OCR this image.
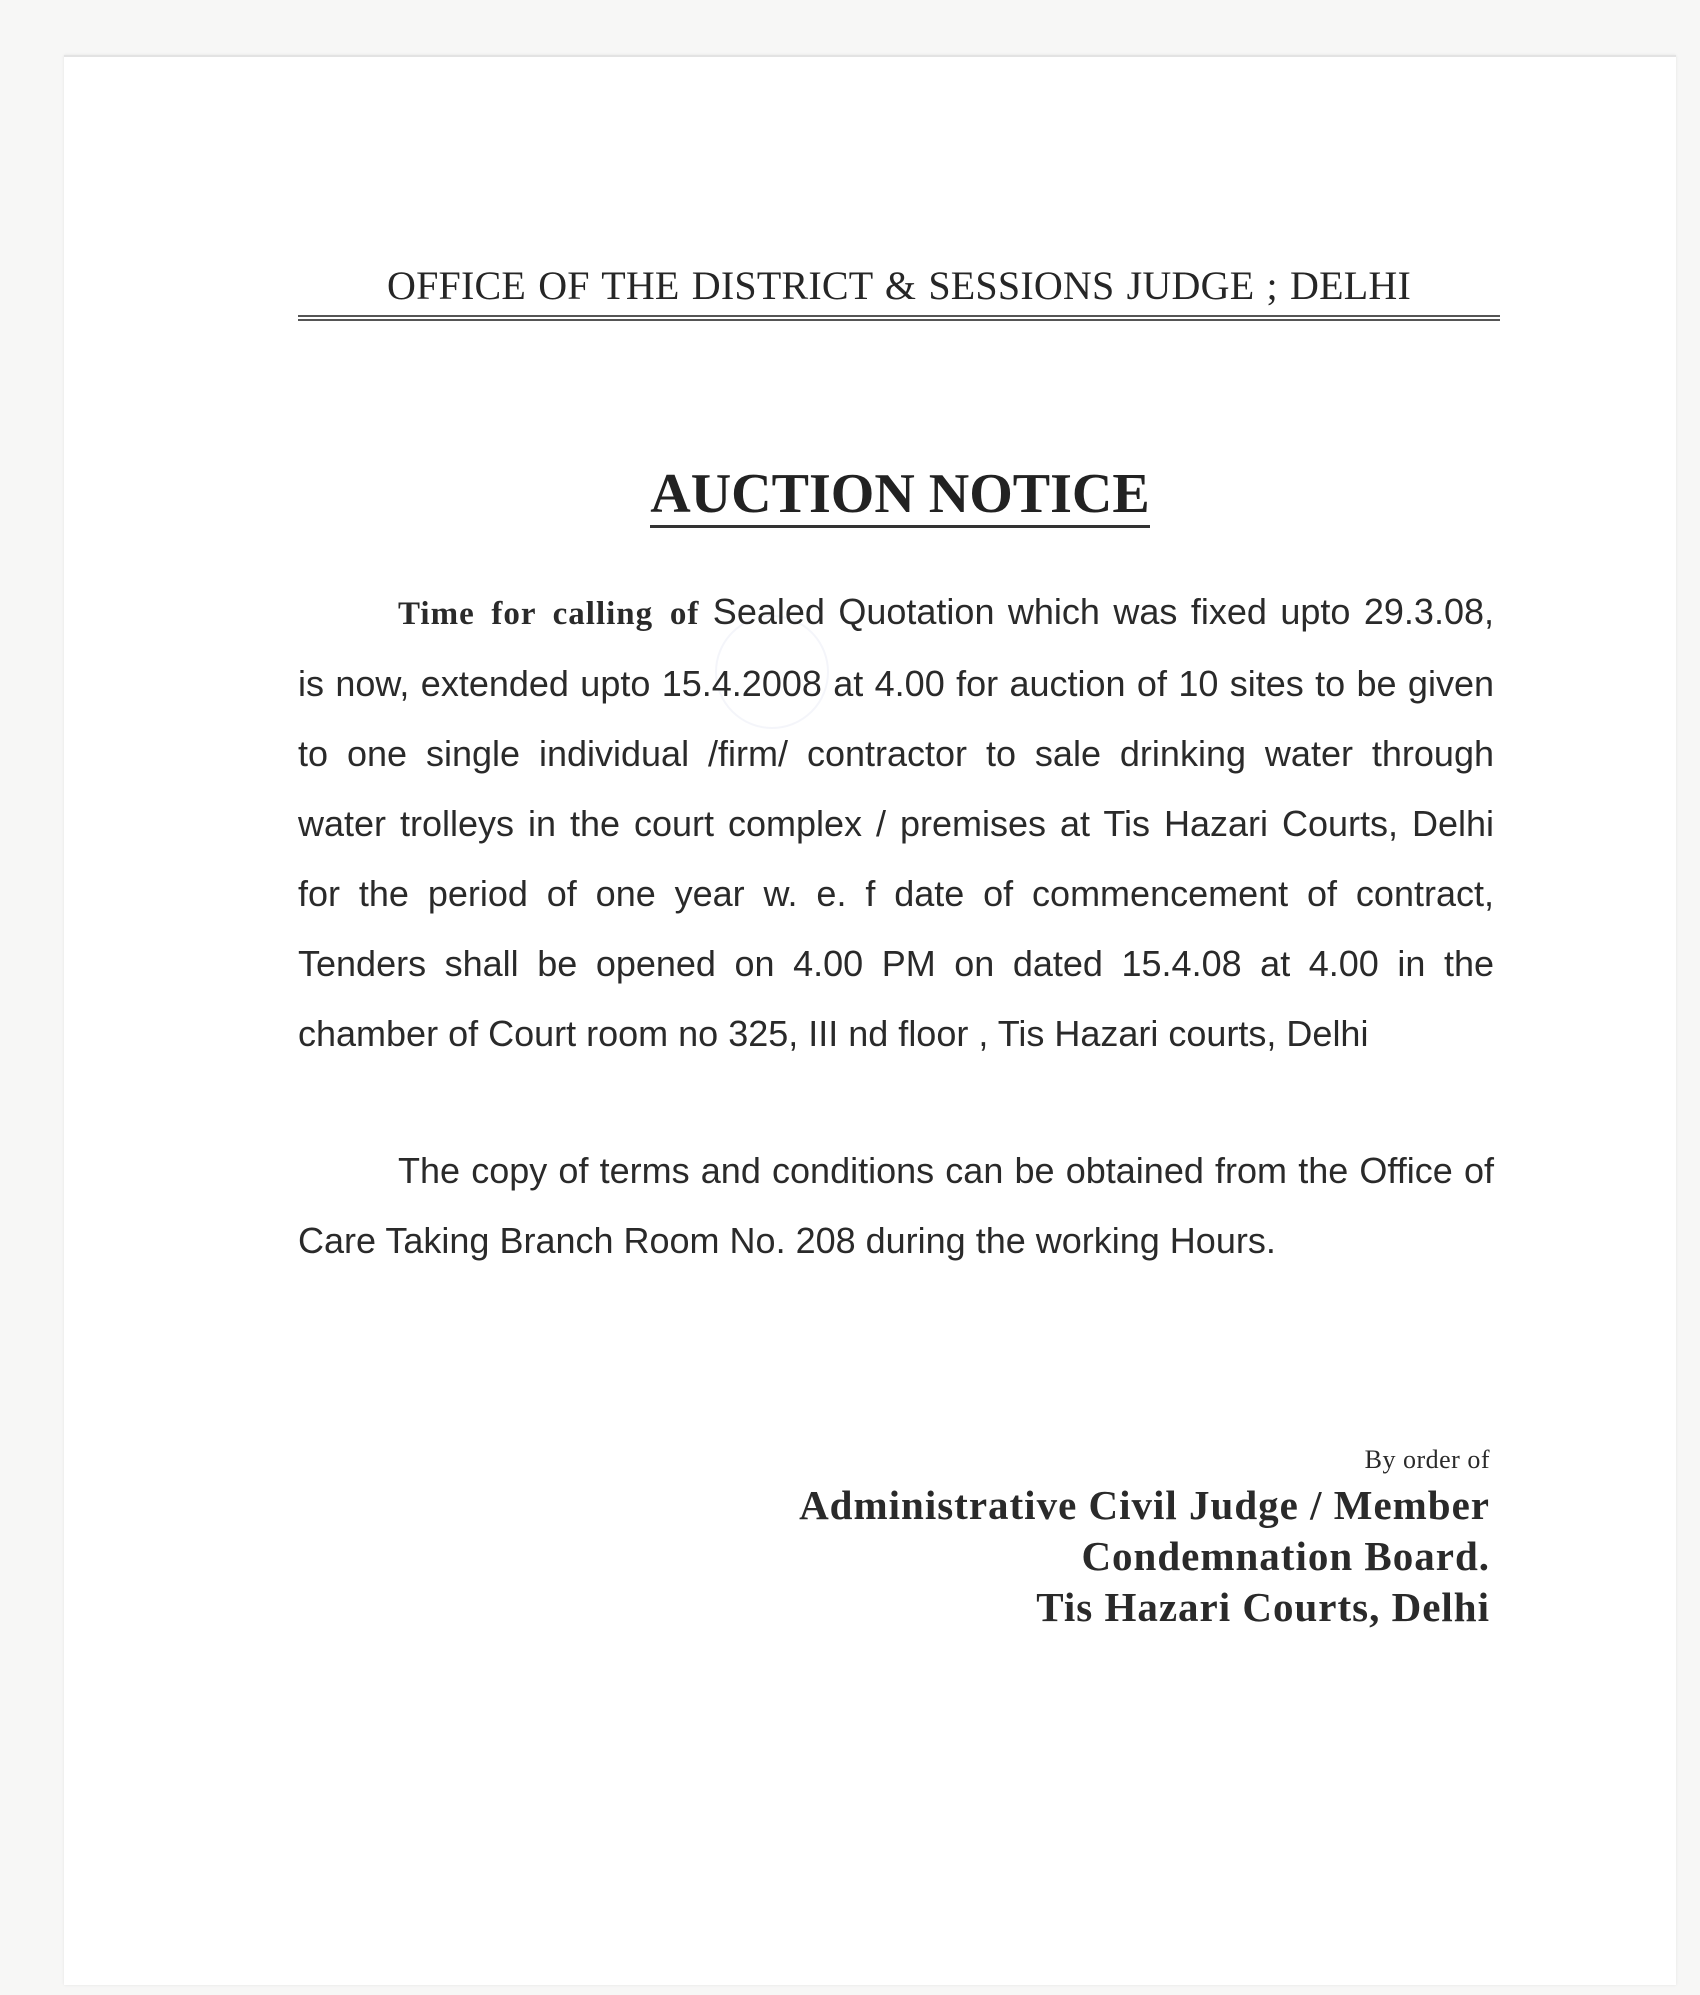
OFFICE OF THE DISTRICT & SESSIONS JUDGE ; DELHI
AUCTION NOTICE
Time for calling of Sealed Quotation which was fixed upto 29.3.08, is now, extended upto 15.4.2008 at 4.00 for auction of 10 sites to be given to one single individual /firm/ contractor to sale drinking water through water trolleys in the court complex / premises at Tis Hazari Courts, Delhi for the period of one year w. e. f date of commencement of contract, Tenders shall be opened on 4.00 PM on dated 15.4.08 at 4.00 in the chamber of Court room no 325, III nd floor , Tis Hazari courts, Delhi
The copy of terms and conditions can be obtained from the Office of Care Taking Branch Room No. 208 during the working Hours.
By order of
Administrative Civil Judge / Member
Condemnation Board.
Tis Hazari Courts, Delhi
